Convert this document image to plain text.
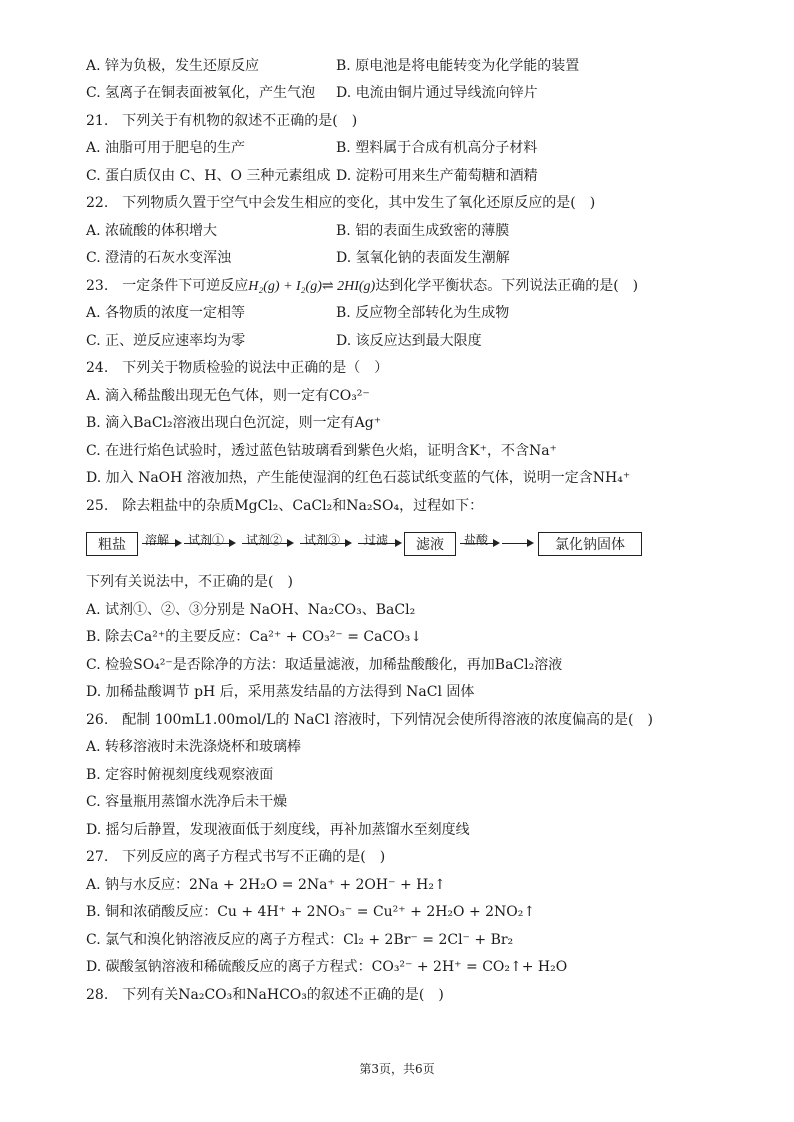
A. 锌为负极，发生还原反应	B. 原电池是将电能转变为化学能的装置
C. 氢离子在铜表面被氧化，产生气泡 D. 电流由铜片通过导线流向锌片
21.　下列关于有机物的叙述不正确的是(　)
A. 油脂可用于肥皂的生产	B. 塑料属于合成有机高分子材料
C. 蛋白质仅由 C、H、O 三种元素组成 D. 淀粉可用来生产葡萄糖和酒精
22.　下列物质久置于空气中会发生相应的变化，其中发生了氧化还原反应的是(　)
A. 浓硫酸的体积增大	B. 铝的表面生成致密的薄膜
C. 澄清的石灰水变浑浊	D. 氢氧化钠的表面发生潮解
23.　一定条件下可逆反应H₂(g) + I₂(g)⇌ 2HI(g)达到化学平衡状态。下列说法正确的是(　)
A. 各物质的浓度一定相等	B. 反应物全部转化为生成物
C. 正、逆反应速率均为零	D. 该反应达到最大限度
24.　下列关于物质检验的说法中正确的是（　）
A. 滴入稀盐酸出现无色气体，则一定有CO₃²⁻
B. 滴入BaCl₂溶液出现白色沉淀，则一定有Ag⁺
C. 在进行焰色试验时，透过蓝色钴玻璃看到紫色火焰，证明含K⁺，不含Na⁺
D. 加入 NaOH 溶液加热，产生能使湿润的红色石蕊试纸变蓝的气体，说明一定含NH₄⁺
25.　除去粗盐中的杂质MgCl₂、CaCl₂和Na₂SO₄，过程如下：
粗盐	溶解 试剂① 试剂② 试剂③ 过滤	滤液	盐酸	氯化钠固体
下列有关说法中，不正确的是(　)
A. 试剂①、②、③分别是 NaOH、Na₂CO₃、BaCl₂
B. 除去Ca²⁺的主要反应：Ca²⁺ + CO₃²⁻ = CaCO₃↓
C. 检验SO₄²⁻是否除净的方法：取适量滤液，加稀盐酸酸化，再加BaCl₂溶液
D. 加稀盐酸调节 pH 后，采用蒸发结晶的方法得到 NaCl 固体
26.　配制 100mL1.00mol/L的 NaCl 溶液时，下列情况会使所得溶液的浓度偏高的是(　)
A. 转移溶液时未洗涤烧杯和玻璃棒
B. 定容时俯视刻度线观察液面
C. 容量瓶用蒸馏水洗净后未干燥
D. 摇匀后静置，发现液面低于刻度线，再补加蒸馏水至刻度线
27.　下列反应的离子方程式书写不正确的是(　)
A. 钠与水反应：2Na + 2H₂O = 2Na⁺ + 2OH⁻ + H₂↑
B. 铜和浓硝酸反应：Cu + 4H⁺ + 2NO₃⁻ = Cu²⁺ + 2H₂O + 2NO₂↑
C. 氯气和溴化钠溶液反应的离子方程式：Cl₂ + 2Br⁻ = 2Cl⁻ + Br₂
D. 碳酸氢钠溶液和稀硫酸反应的离子方程式：CO₃²⁻ + 2H⁺ = CO₂↑+ H₂O
28.　下列有关Na₂CO₃和NaHCO₃的叙述不正确的是(　)
第3页，共6页
